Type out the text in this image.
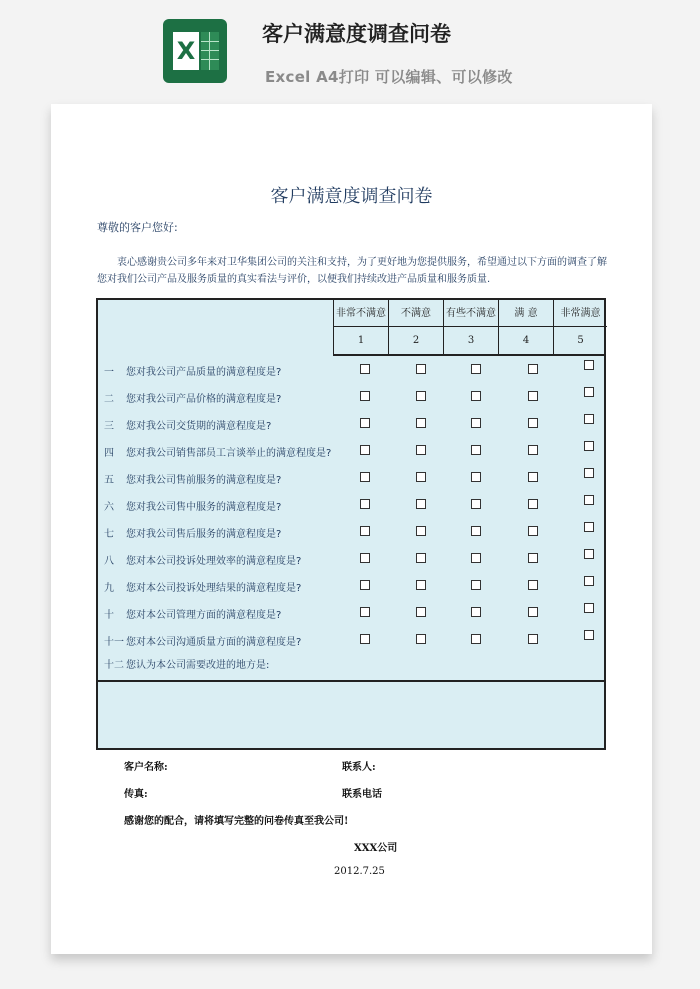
X
客户满意度调查问卷
Excel A4打印 可以编辑、可以修改
客户满意度调查问卷
尊敬的客户您好:
衷心感谢贵公司多年来对卫华集团公司的关注和支持，为了更好地为您提供服务，希望通过以下方面的调查了解您对我们公司产品及服务质量的真实看法与评价，以便我们持续改进产品质量和服务质量.
非常不满意
1
不满意
2
有些不满意
3
满 意
4
非常满意
5
一 您对我公司产品质量的满意程度是?
二 您对我公司产品价格的满意程度是?
三 您对我公司交货期的满意程度是?
四 您对我公司销售部员工言谈举止的满意程度是?
五 您对我公司售前服务的满意程度是?
六 您对我公司售中服务的满意程度是?
七 您对我公司售后服务的满意程度是?
八 您对本公司投诉处理效率的满意程度是?
九 您对本公司投诉处理结果的满意程度是?
十 您对本公司管理方面的满意程度是?
十一 您对本公司沟通质量方面的满意程度是?
十二 您认为本公司需要改进的地方是:
客户名称:	联系人:
传真:	联系电话
感谢您的配合，请将填写完整的问卷传真至我公司!
XXX公司
2012.7.25
